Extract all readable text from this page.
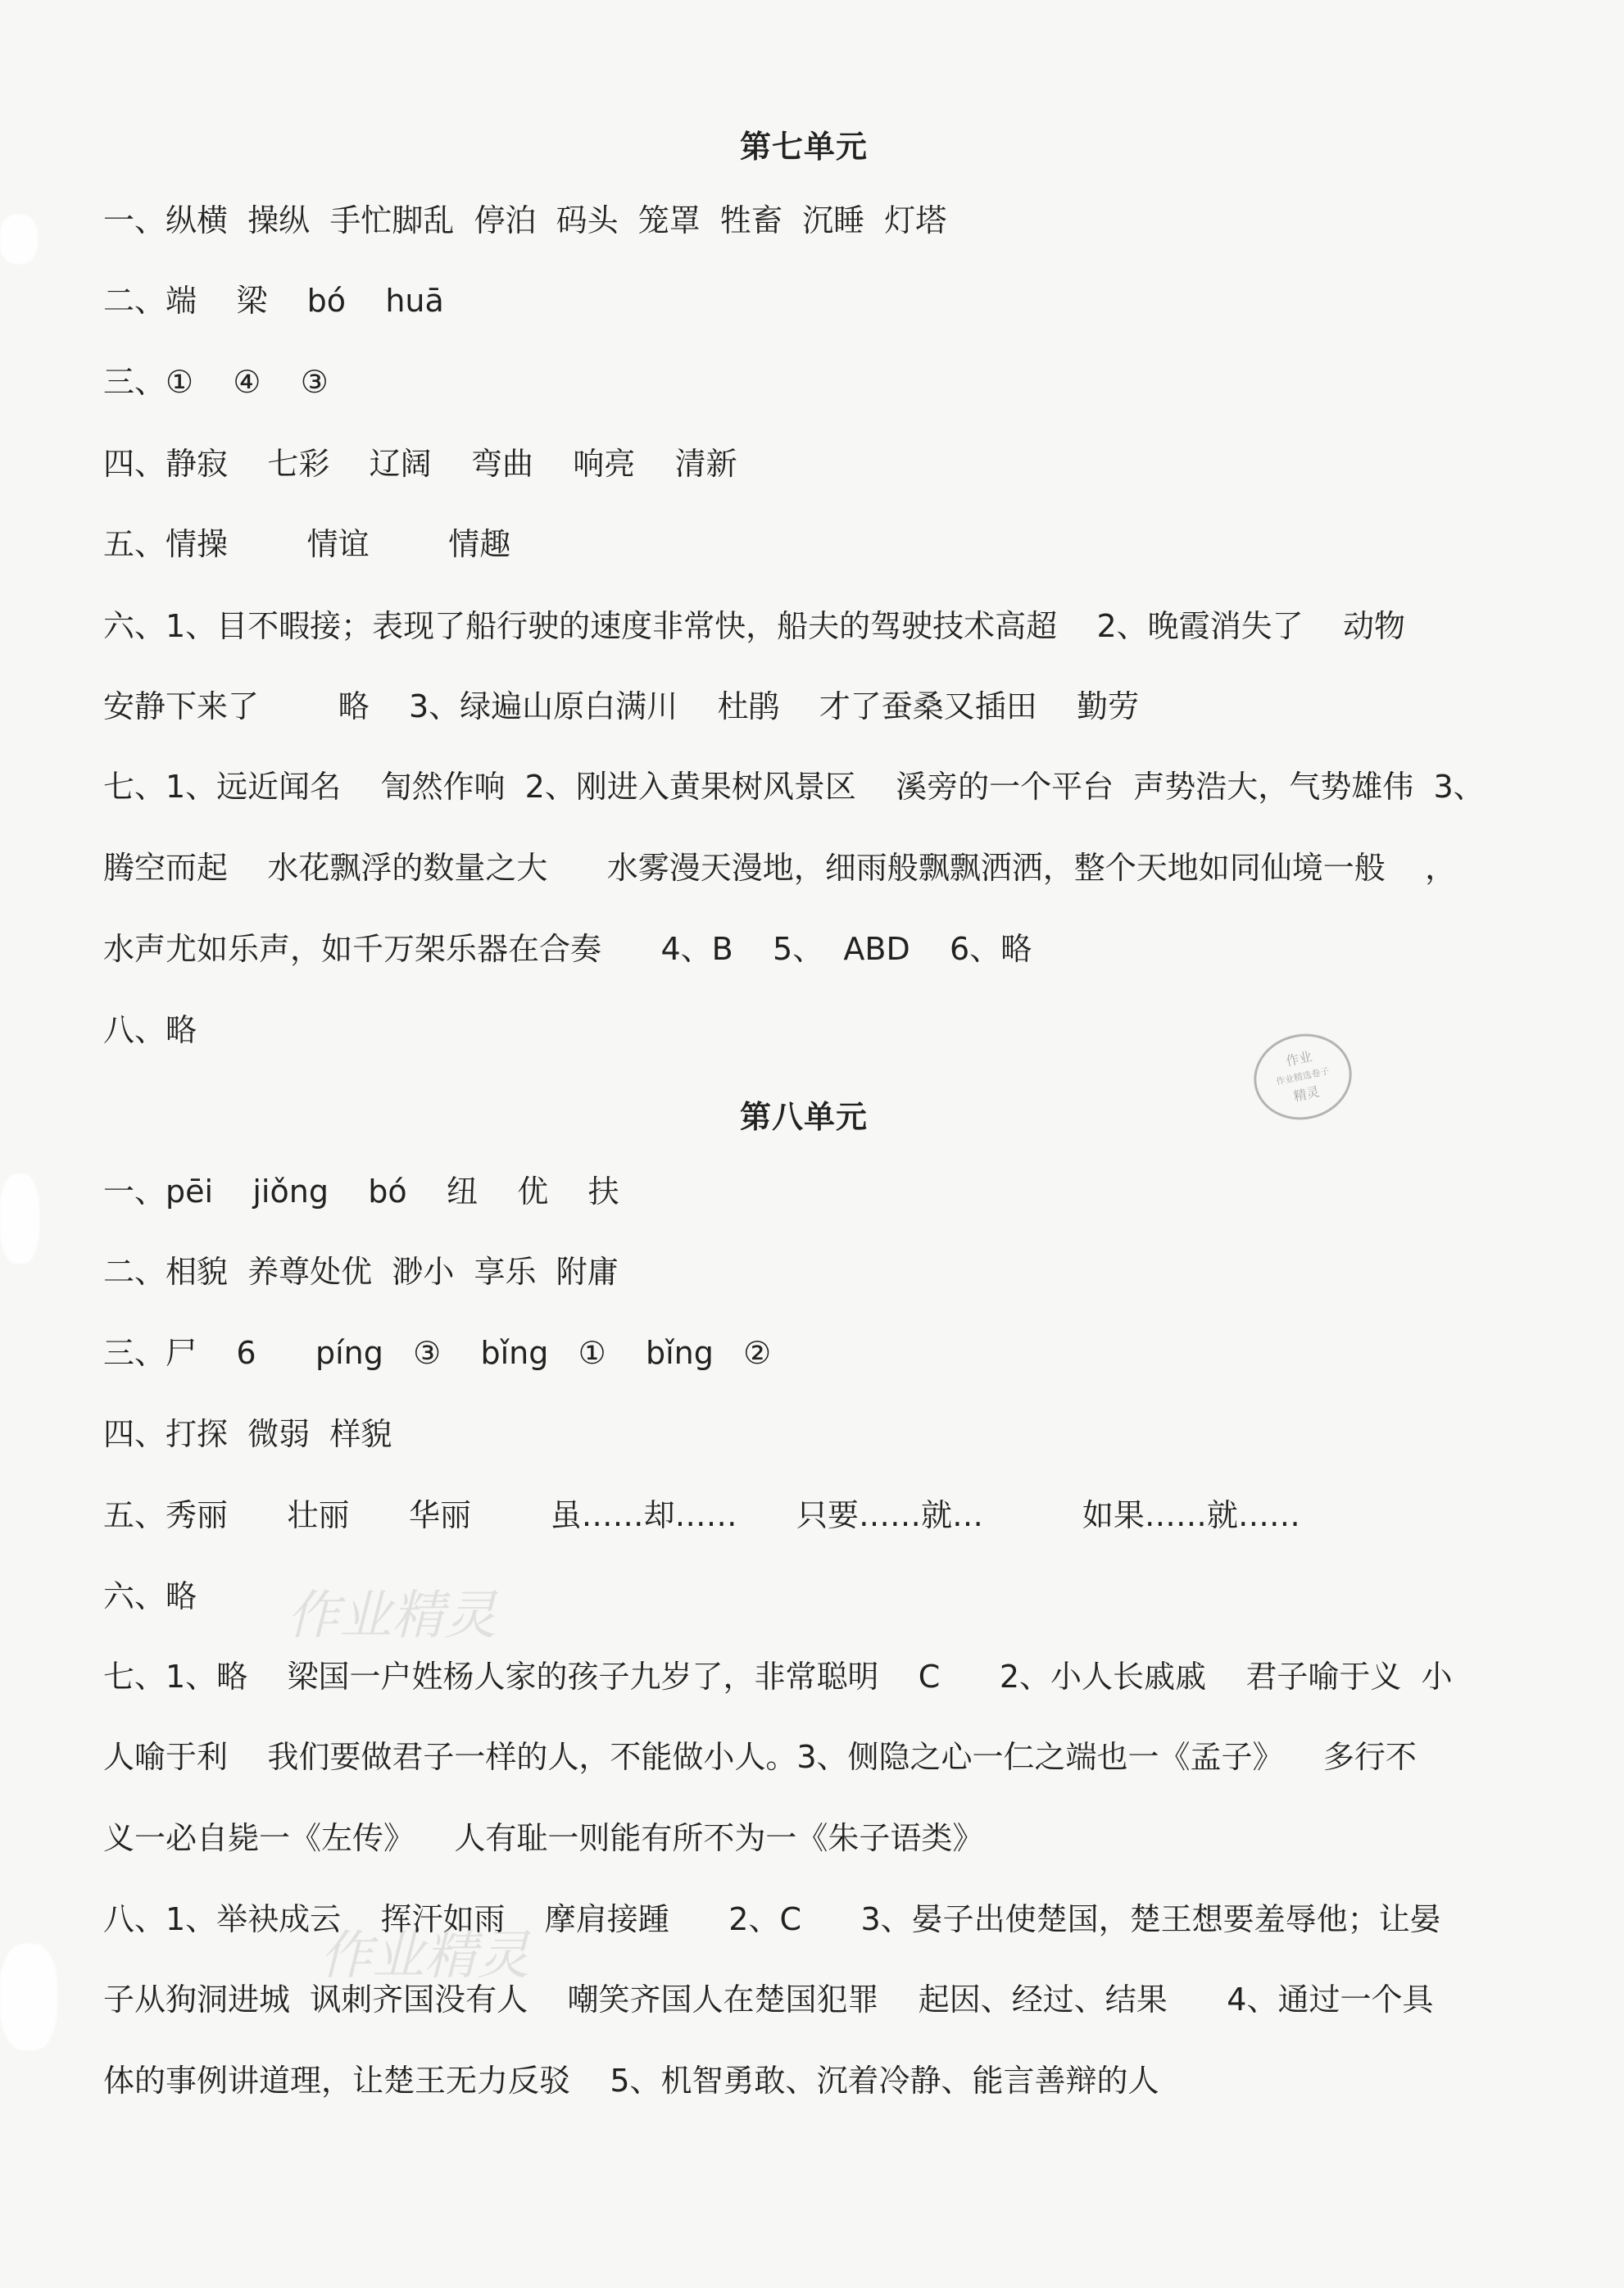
第七单元
一、纵横  操纵  手忙脚乱  停泊  码头  笼罩  牲畜  沉睡  灯塔
二、端    梁    bó    huā
三、①    ④    ③
四、静寂    七彩    辽阔    弯曲    响亮    清新
五、情操        情谊        情趣
六、1、目不暇接；表现了船行驶的速度非常快，船夫的驾驶技术高超    2、晚霞消失了    动物
安静下来了        略    3、绿遍山原白满川    杜鹃    才了蚕桑又插田    勤劳
七、1、远近闻名    訇然作响  2、刚进入黄果树风景区    溪旁的一个平台  声势浩大，气势雄伟  3、
腾空而起    水花飘浮的数量之大      水雾漫天漫地，细雨般飘飘洒洒，整个天地如同仙境一般    ，
水声尤如乐声，如千万架乐器在合奏      4、B    5、  ABD    6、略
八、略
作业
作业精选卷子
精灵
第八单元
一、pēi    jiǒng    bó    纽    优    扶
二、相貌  养尊处优  渺小  享乐  附庸
三、尸    6      píng   ③    bǐng   ①    bǐng   ②
四、打探  微弱  样貌
五、秀丽      壮丽      华丽        虽……却……      只要……就…          如果……就……
六、略
七、1、略    梁国一户姓杨人家的孩子九岁了，非常聪明    C      2、小人长戚戚    君子喻于义  小
人喻于利    我们要做君子一样的人，不能做小人。3、侧隐之心一仁之端也一《孟子》    多行不
义一必自毙一《左传》    人有耻一则能有所不为一《朱子语类》
八、1、举袂成云    挥汗如雨    摩肩接踵      2、C      3、晏子出使楚国，楚王想要羞辱他；让晏
子从狗洞进城  讽刺齐国没有人    嘲笑齐国人在楚国犯罪    起因、经过、结果      4、通过一个具
体的事例讲道理，让楚王无力反驳    5、机智勇敢、沉着冷静、能言善辩的人
作业精灵
作业精灵
